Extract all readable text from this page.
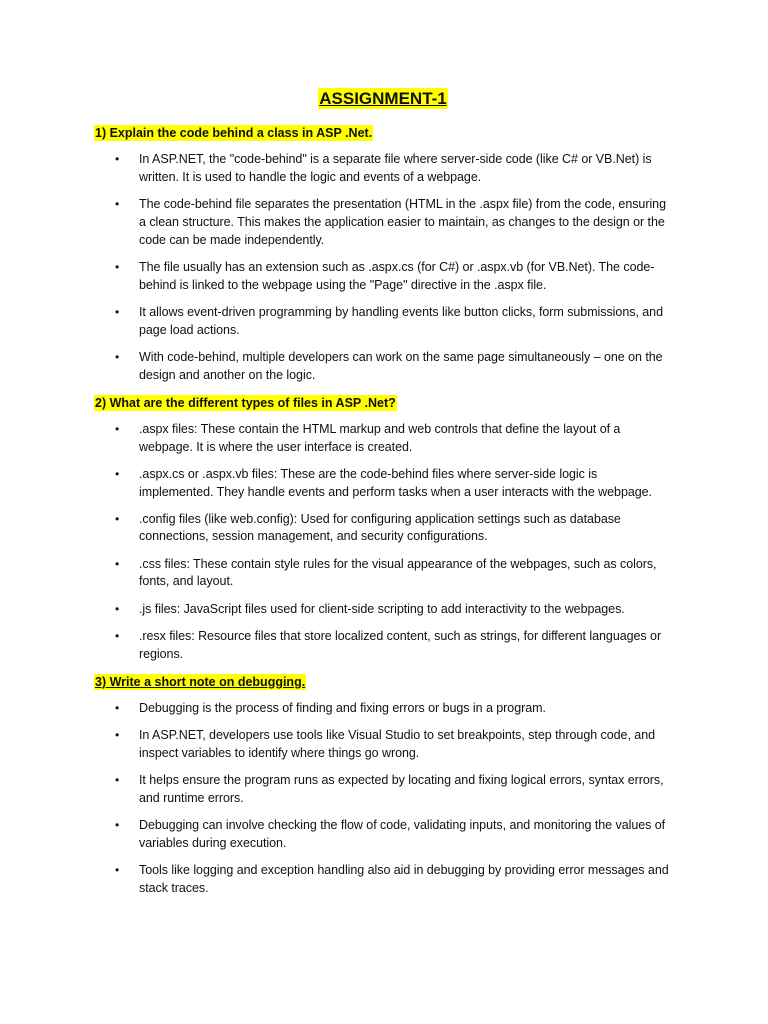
ASSIGNMENT-1
1) Explain the code behind a class in ASP .Net.
• In ASP.NET, the "code-behind" is a separate file where server-side code (like C# or VB.Net) is written. It is used to handle the logic and events of a webpage.
• The code-behind file separates the presentation (HTML in the .aspx file) from the code, ensuring a clean structure. This makes the application easier to maintain, as changes to the design or the code can be made independently.
• The file usually has an extension such as .aspx.cs (for C#) or .aspx.vb (for VB.Net). The code-behind is linked to the webpage using the "Page" directive in the .aspx file.
• It allows event-driven programming by handling events like button clicks, form submissions, and page load actions.
• With code-behind, multiple developers can work on the same page simultaneously – one on the design and another on the logic.
2) What are the different types of files in ASP .Net?
• .aspx files: These contain the HTML markup and web controls that define the layout of a webpage. It is where the user interface is created.
• .aspx.cs or .aspx.vb files: These are the code-behind files where server-side logic is implemented. They handle events and perform tasks when a user interacts with the webpage.
• .config files (like web.config): Used for configuring application settings such as database connections, session management, and security configurations.
• .css files: These contain style rules for the visual appearance of the webpages, such as colors, fonts, and layout.
• .js files: JavaScript files used for client-side scripting to add interactivity to the webpages.
• .resx files: Resource files that store localized content, such as strings, for different languages or regions.
3) Write a short note on debugging.
• Debugging is the process of finding and fixing errors or bugs in a program.
• In ASP.NET, developers use tools like Visual Studio to set breakpoints, step through code, and inspect variables to identify where things go wrong.
• It helps ensure the program runs as expected by locating and fixing logical errors, syntax errors, and runtime errors.
• Debugging can involve checking the flow of code, validating inputs, and monitoring the values of variables during execution.
• Tools like logging and exception handling also aid in debugging by providing error messages and stack traces.
